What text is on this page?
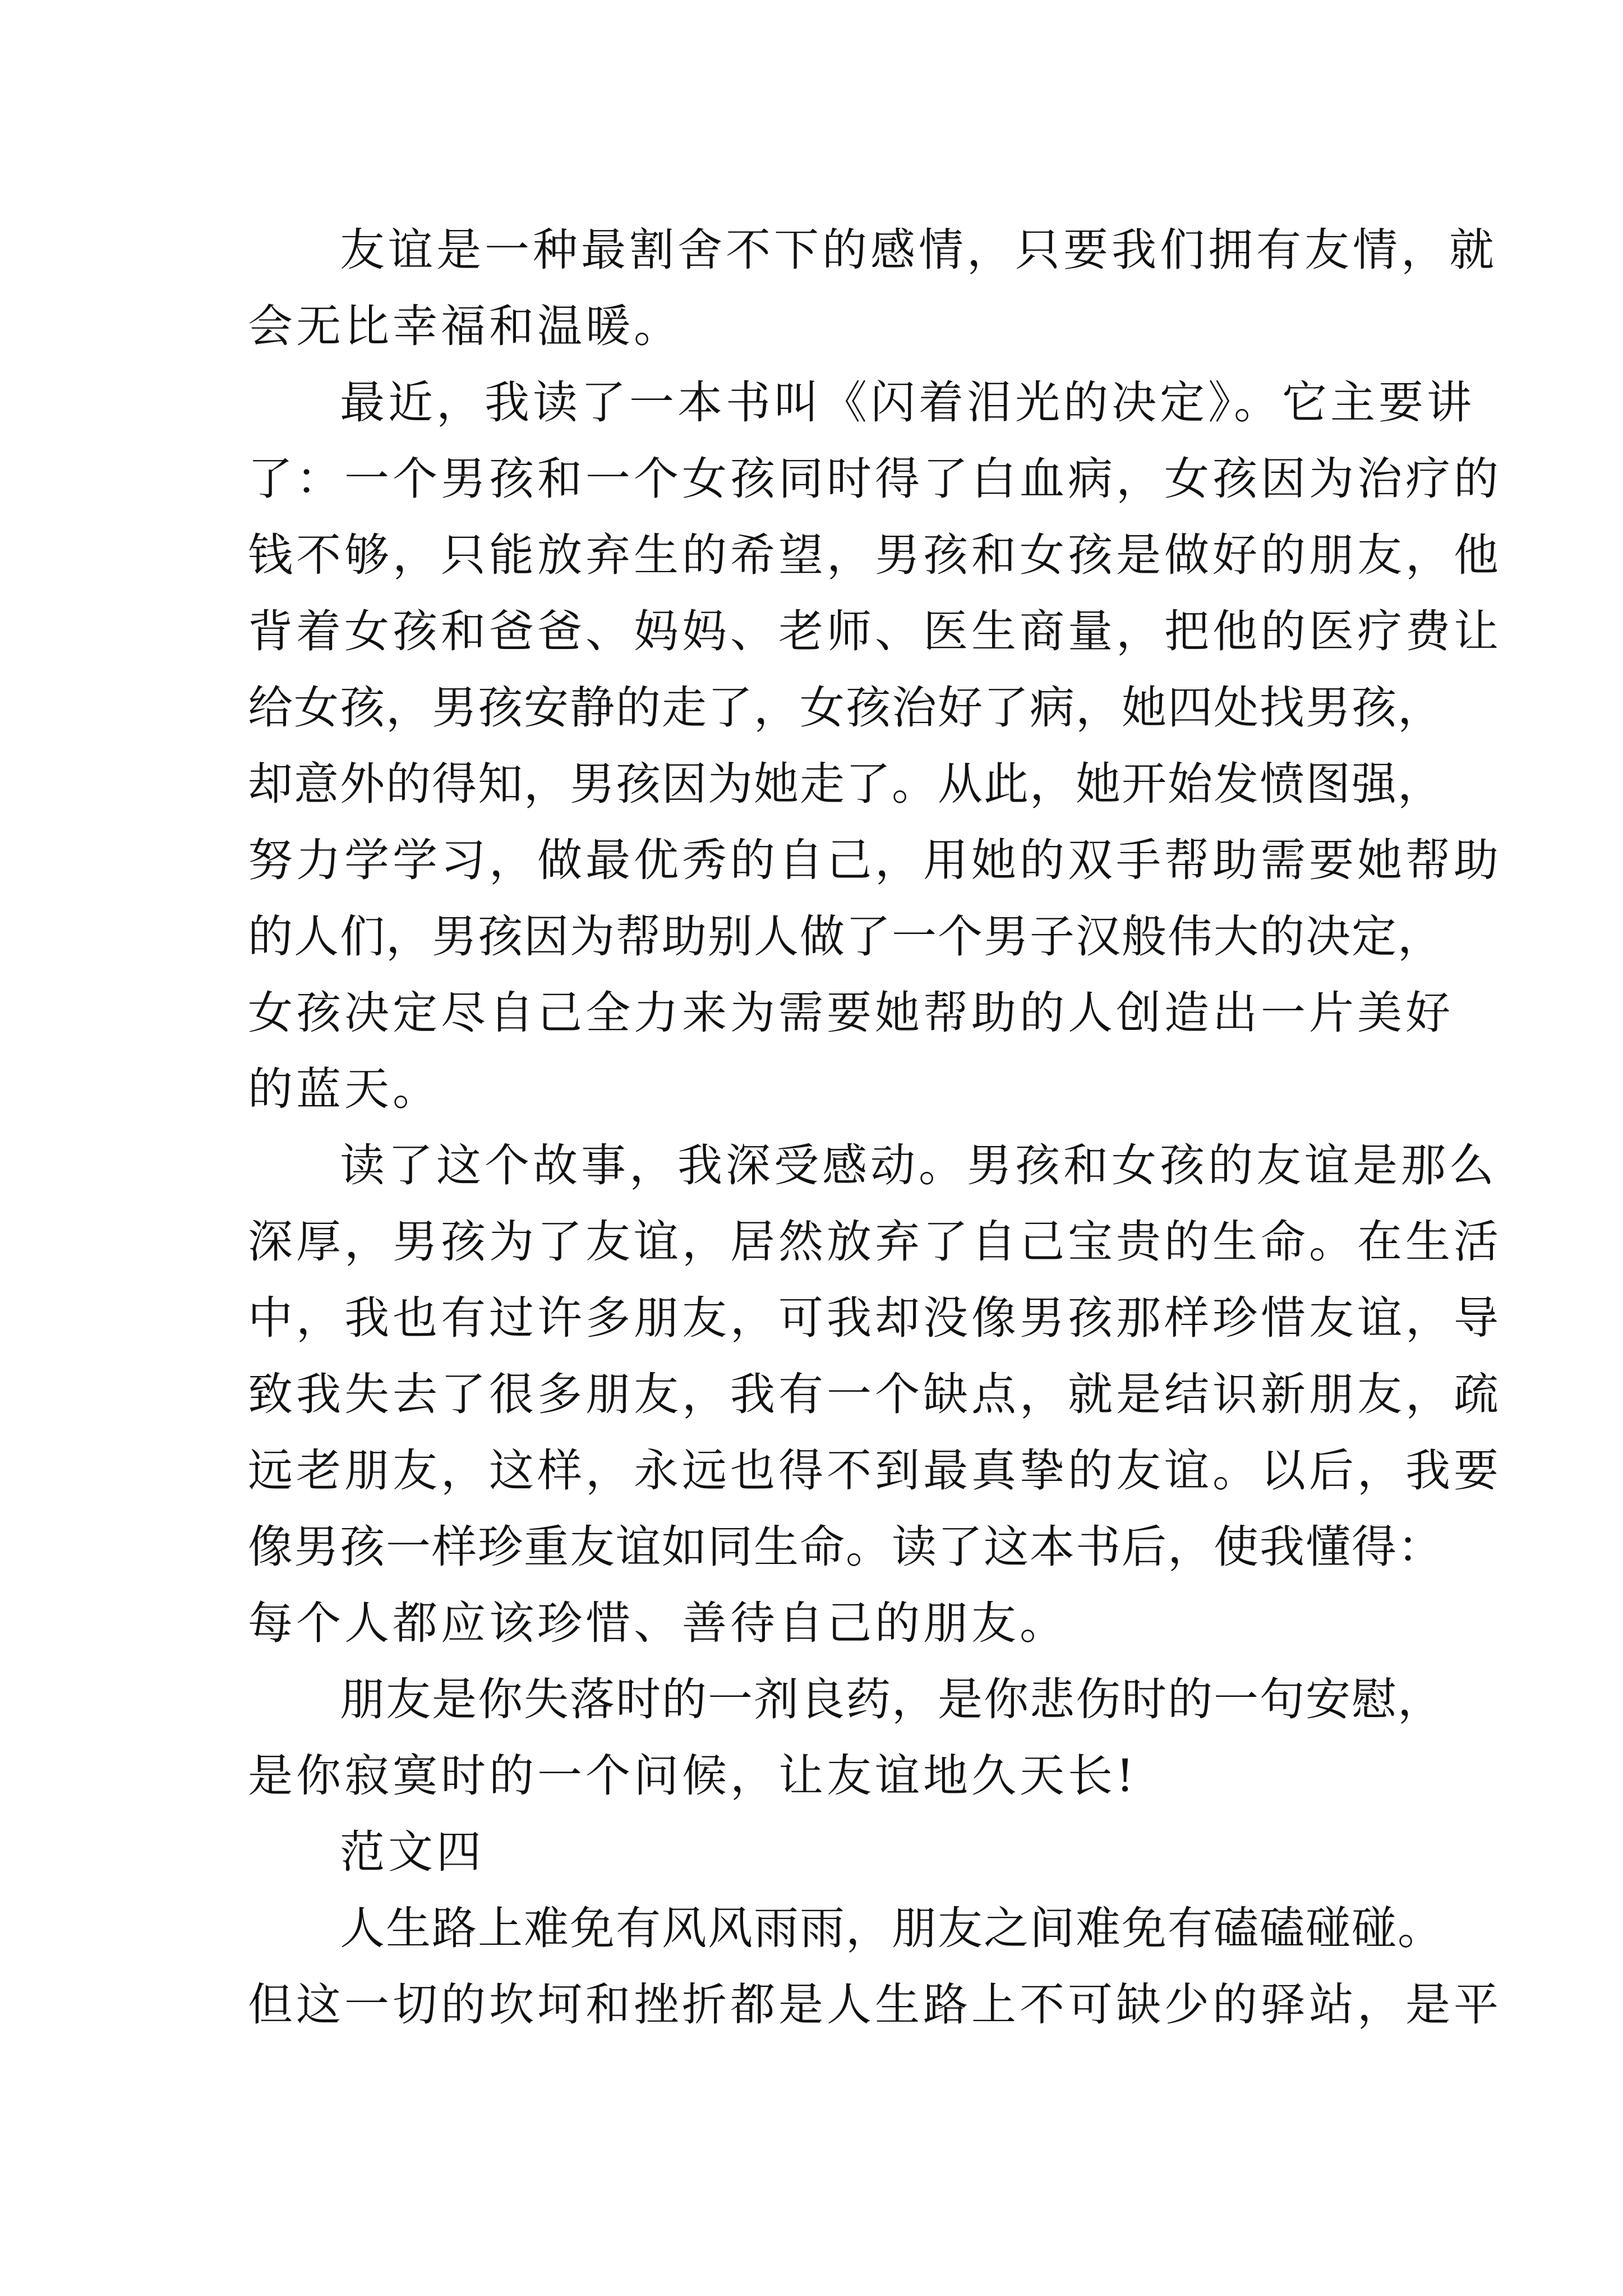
友谊是一种最割舍不下的感情，只要我们拥有友情，就
会无比幸福和温暖。
最近，我读了一本书叫《闪着泪光的决定》。它主要讲
了：一个男孩和一个女孩同时得了白血病，女孩因为治疗的
钱不够，只能放弃生的希望，男孩和女孩是做好的朋友，他
背着女孩和爸爸、妈妈、老师、医生商量，把他的医疗费让
给女孩，男孩安静的走了，女孩治好了病，她四处找男孩，
却意外的得知，男孩因为她走了。从此，她开始发愤图强，
努力学学习，做最优秀的自己，用她的双手帮助需要她帮助
的人们，男孩因为帮助别人做了一个男子汉般伟大的决定，
女孩决定尽自己全力来为需要她帮助的人创造出一片美好
的蓝天。
读了这个故事，我深受感动。男孩和女孩的友谊是那么
深厚，男孩为了友谊，居然放弃了自己宝贵的生命。在生活
中，我也有过许多朋友，可我却没像男孩那样珍惜友谊，导
致我失去了很多朋友，我有一个缺点，就是结识新朋友，疏
远老朋友，这样，永远也得不到最真挚的友谊。以后，我要
像男孩一样珍重友谊如同生命。读了这本书后，使我懂得：
每个人都应该珍惜、善待自己的朋友。
朋友是你失落时的一剂良药，是你悲伤时的一句安慰，
是你寂寞时的一个问候，让友谊地久天长!
范文四
人生路上难免有风风雨雨，朋友之间难免有磕磕碰碰。
但这一切的坎坷和挫折都是人生路上不可缺少的驿站，是平
